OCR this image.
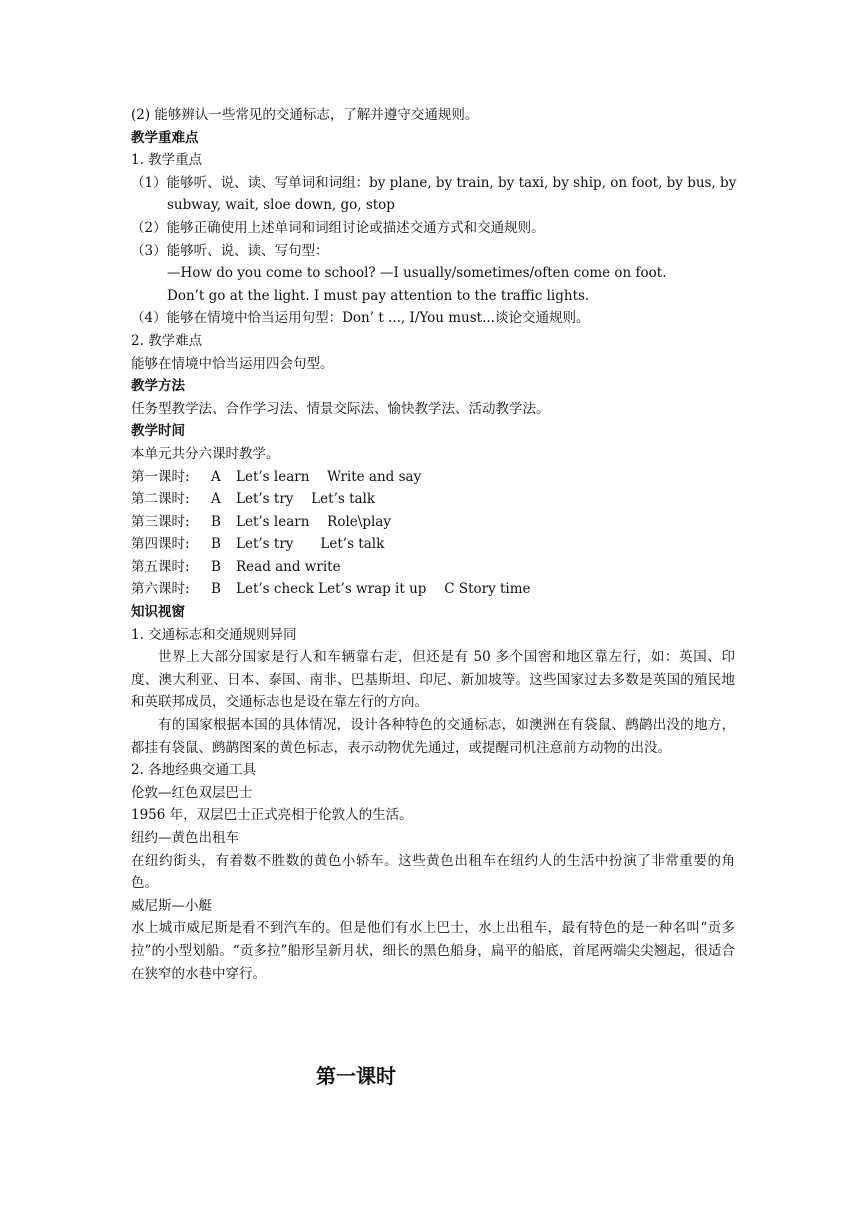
(2) 能够辨认一些常见的交通标志，了解并遵守交通规则。
教学重难点
1. 教学重点
（1）能够听、说、读、写单词和词组：by plane, by train, by taxi, by ship, on foot, by bus, by
subway, wait, sloe down, go, stop
（2）能够正确使用上述单词和词组讨论或描述交通方式和交通规则。
（3）能够听、说、读、写句型：
—How do you come to school? —I usually/sometimes/often come on foot.
Don’t go at the light. I must pay attention to the traffic lights.
（4）能够在情境中恰当运用句型：Don’ t ..., I/You must...谈论交通规则。
2. 教学难点
能够在情境中恰当运用四会句型。
教学方法
任务型教学法、合作学习法、情景交际法、愉快教学法、活动教学法。
教学时间
本单元共分六课时教学。
第一课时:	A	Let’s learn　 Write and say
第二课时:	A	Let’s try　 Let’s talk
第三课时:	B	Let’s learn　 Role\play
第四课时:	B	Let’s try　　Let’s talk
第五课时:	B	Read and write
第六课时:	B	Let’s check Let’s wrap it up　 C Story time
知识视窗
1. 交通标志和交通规则异同
世界上大部分国家是行人和车辆靠右走，但还是有 50 多个国窖和地区靠左行，如：英国、印度、澳大利亚、日本、泰国、南非、巴基斯坦、印尼、新加坡等。这些国家过去多数是英国的殖民地和英联邦成员，交通标志也是设在靠左行的方向。
有的国家根据本国的具体情况，设计各种特色的交通标志，如澳洲在有袋鼠、鹧鹋出没的地方，都挂有袋鼠、鹧鹋图案的黄色标志，表示动物优先通过，或提醒司机注意前方动物的出没。
2. 各地经典交通工具
伦敦—红色双层巴士
1956 年，双层巴士正式亮相于伦敦人的生活。
纽约—黄色出租车
在纽约街头，有着数不胜数的黄色小轿车。这些黄色出租车在纽约人的生活中扮演了非常重要的角色。
威尼斯—小艇
水上城市威尼斯是看不到汽车的。但是他们有水上巴士，水上出租车，最有特色的是一种名叫“贡多拉”的小型划船。“贡多拉”船形呈新月状，细长的黑色船身，扁平的船底，首尾两端尖尖翘起，很适合在狭窄的水巷中穿行。
第一课时
